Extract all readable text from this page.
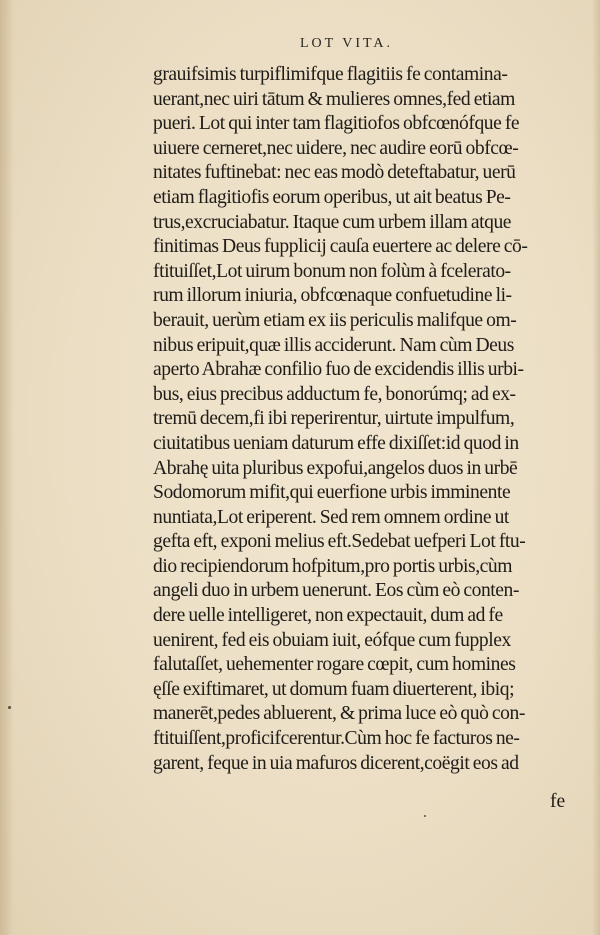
LOT VITA.
grauifsimis turpiflimifque flagitiis fe contamina-
uerant,nec uiri tātum & mulieres omnes,fed etiam
pueri. Lot qui inter tam flagitiofos obfcœnófque fe
uiuere cerneret,nec uidere, nec audire eorū obfcœ-
nitates fuftinebat: nec eas modò deteftabatur, uerū
etiam flagitiofis eorum operibus, ut ait beatus Pe-
trus,excruciabatur. Itaque cum urbem illam atque
finitimas Deus fupplicij cauſa euertere ac delere cō-
ftituiſſet,Lot uirum bonum non folùm à fcelerato-
rum illorum iniuria, obfcœnaque confuetudine li-
berauit, uerùm etiam ex iis periculis malifque om-
nibus eripuit,quæ illis acciderunt. Nam cùm Deus
aperto Abrahæ confilio fuo de excidendis illis urbi-
bus, eius precibus adductum fe, bonorúmq; ad ex-
tremū decem,fi ibi reperirentur, uirtute impulfum,
ciuitatibus ueniam daturum effe dixiſſet:id quod in
Abrahę uita pluribus expofui,angelos duos in urbē
Sodomorum mifit,qui euerfione urbis imminente
nuntiata,Lot eriperent. Sed rem omnem ordine ut
gefta eft, exponi melius eft.Sedebat uefperi Lot ftu-
dio recipiendorum hofpitum,pro portis urbis,cùm
angeli duo in urbem uenerunt. Eos cùm eò conten-
dere uelle intelligeret, non expectauit, dum ad fe
uenirent, fed eis obuiam iuit, eófque cum fupplex
falutaſſet, uehementer rogare cœpit, cum homines
ęſſe exiftimaret, ut domum fuam diuerterent, ibiq;
manerēt,pedes abluerent, & prima luce eò quò con-
ftituiſſent,proficifcerentur.Cùm hoc fe facturos ne-
garent, feque in uia mafuros dicerent,coëgit eos ad
fe
